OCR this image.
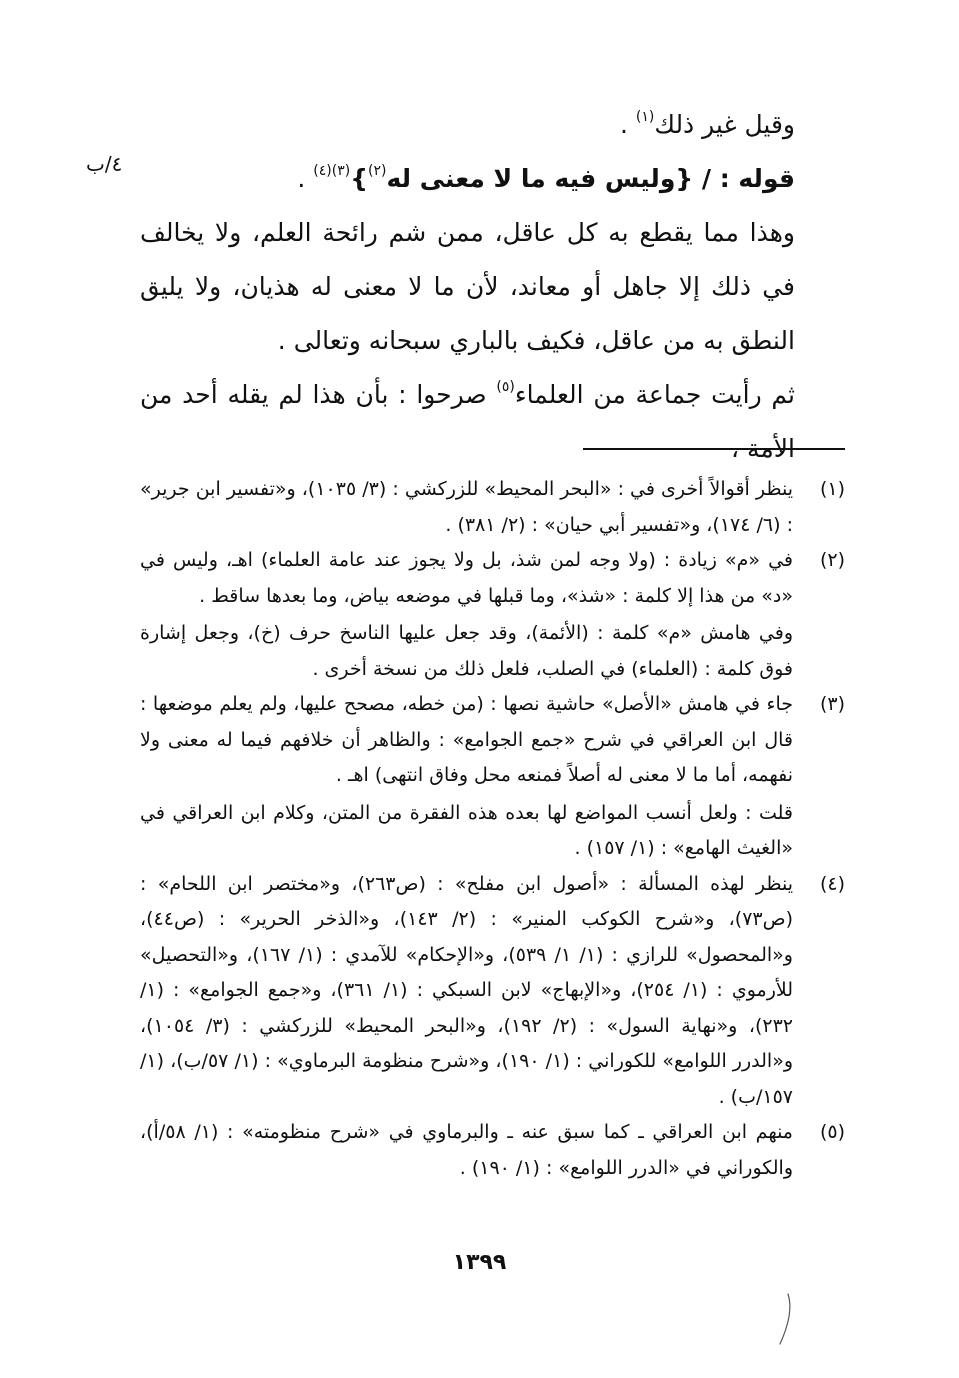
٤/ب

وقيل غير ذلك$^{(١)}$ .

قوله : / {وليس فيه ما لا معنى له$^{(٢)}$}$^{(٣)(٤)}$ .

وهذا مما يقطع به كل عاقل، ممن شم رائحة العلم، ولا يخالف في ذلك إلا جاهل أو معاند، لأن ما لا معنى له هذيان، ولا يليق النطق به من عاقل، فكيف بالباري سبحانه وتعالى .

ثم رأيت جماعة من العلماء$^{(٥)}$ صرحوا : بأن هذا لم يقله أحد من الأمة ،

(١)

ينظر أقوالاً أخرى في : «البحر المحيط» للزركشي : (٣/ ١٠٣٥)، و«تفسير ابن جرير» : (٦/ ١٧٤)، و«تفسير أبي حيان» : (٢/ ٣٨١) .

(٢)

في «م» زيادة : (ولا وجه لمن شذ، بل ولا يجوز عند عامة العلماء) اهـ، وليس في «د» من هذا إلا كلمة : «شذ»، وما قبلها في موضعه بياض، وما بعدها ساقط .

وفي هامش «م» كلمة : (الأئمة)، وقد جعل عليها الناسخ حرف (خ)، وجعل إشارة فوق كلمة : (العلماء) في الصلب، فلعل ذلك من نسخة أخرى .

(٣)

جاء في هامش «الأصل» حاشية نصها : (من خطه، مصحح عليها، ولم يعلم موضعها : قال ابن العراقي في شرح «جمع الجوامع» : والظاهر أن خلافهم فيما له معنى ولا نفهمه، أما ما لا معنى له أصلاً فمنعه محل وفاق انتهى) اهـ .

قلت : ولعل أنسب المواضع لها بعده هذه الفقرة من المتن، وكلام ابن العراقي في «الغيث الهامع» : (١/ ١٥٧) .

(٤)

ينظر لهذه المسألة : «أصول ابن مفلح» : (ص٢٦٣)، و«مختصر ابن اللحام» : (ص٧٣)، و«شرح الكوكب المنير» : (٢/ ١٤٣)، و«الذخر الحرير» : (ص٤٤)، و«المحصول» للرازي : (١/ ١/ ٥٣٩)، و«الإحكام» للآمدي : (١/ ١٦٧)، و«التحصيل» للأرموي : (١/ ٢٥٤)، و«الإبهاج» لابن السبكي : (١/ ٣٦١)، و«جمع الجوامع» : (١/ ٢٣٢)، و«نهاية السول» : (٢/ ١٩٢)، و«البحر المحيط» للزركشي : (٣/ ١٠٥٤)، و«الدرر اللوامع» للكوراني : (١/ ١٩٠)، و«شرح منظومة البرماوي» : (١/ ٥٧/ب)، (١/ ١٥٧/ب) .

(٥)

منهم ابن العراقي ـ كما سبق عنه ـ والبرماوي في «شرح منظومته» : (١/ ٥٨/أ)، والكوراني في «الدرر اللوامع» : (١/ ١٩٠) .

١٣٩٩
